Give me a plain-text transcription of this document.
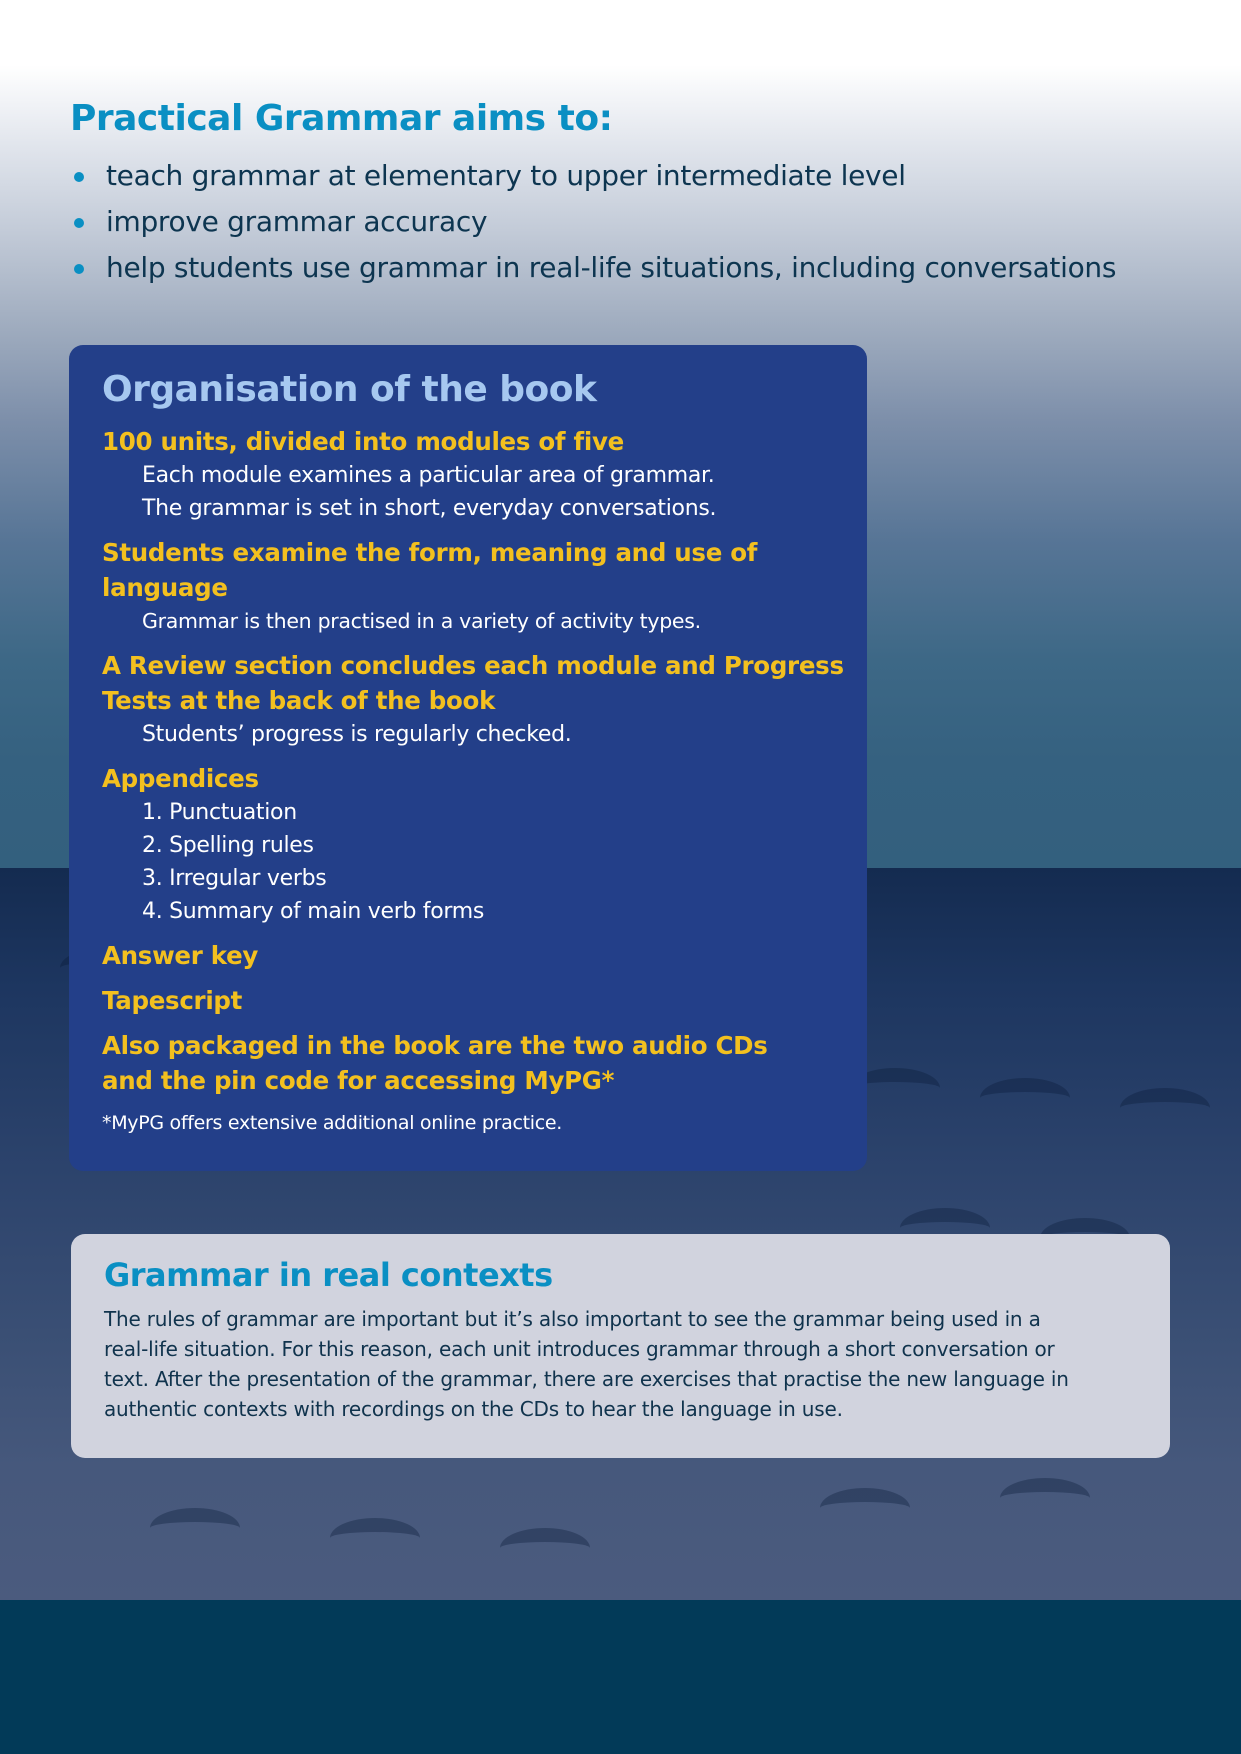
Practical Grammar aims to:
teach grammar at elementary to upper intermediate level
improve grammar accuracy
help students use grammar in real-life situations, including conversations
Organisation of the book
100 units, divided into modules of five
Each module examines a particular area of grammar.
The grammar is set in short, everyday conversations.
Students examine the form, meaning and use of language
Grammar is then practised in a variety of activity types.
A Review section concludes each module and Progress
Tests at the back of the book
Students’ progress is regularly checked.
Appendices
1. Punctuation
2. Spelling rules
3. Irregular verbs
4. Summary of main verb forms
Answer key
Tapescript
Also packaged in the book are the two audio CDs
and the pin code for accessing MyPG*
*MyPG offers extensive additional online practice.
Grammar in real contexts
The rules of grammar are important but it’s also important to see the grammar being used in a
real-life situation. For this reason, each unit introduces grammar through a short conversation or
text. After the presentation of the grammar, there are exercises that practise the new language in
authentic contexts with recordings on the CDs to hear the language in use.
